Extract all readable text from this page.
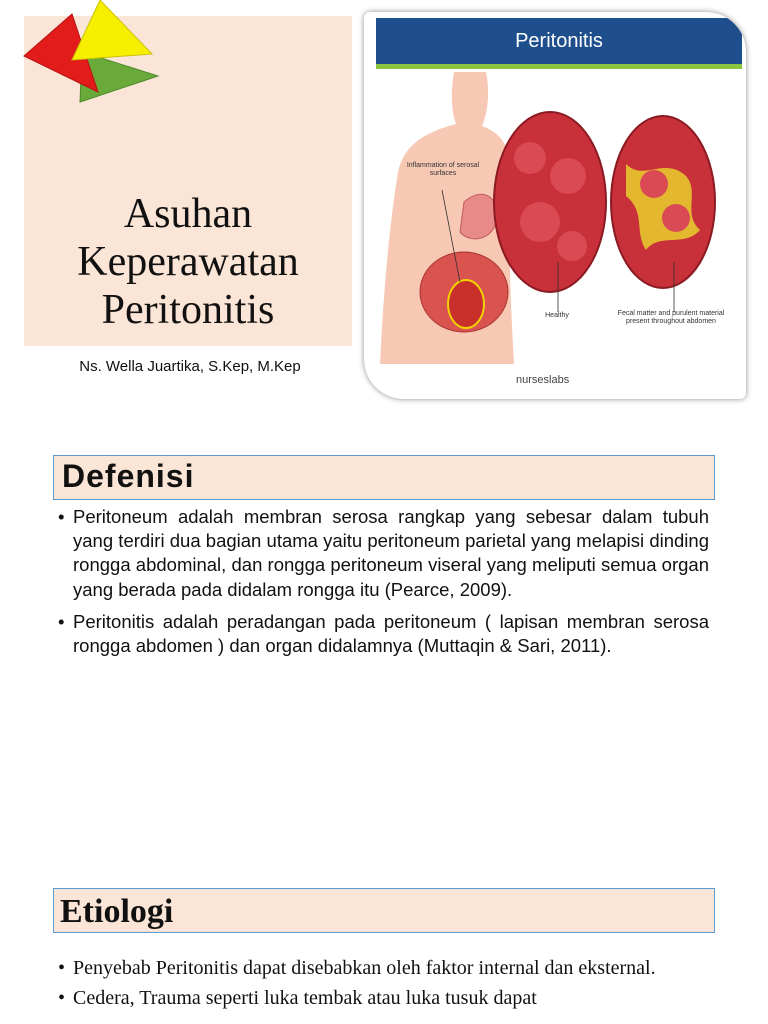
Asuhan
Keperawatan
Peritonitis
Ns. Wella Juartika, S.Kep, M.Kep
Peritonitis
Inflammation of serosal surfaces
Healthy	Fecal matter and purulent material present throughout abdomen
nurseslabs
Defenisi
• Peritoneum adalah membran serosa rangkap yang sebesar dalam tubuh yang terdiri dua bagian utama yaitu peritoneum parietal yang melapisi dinding rongga abdominal, dan rongga peritoneum viseral yang meliputi semua organ yang berada pada didalam rongga itu (Pearce, 2009).
• Peritonitis adalah peradangan pada peritoneum ( lapisan membran serosa rongga abdomen ) dan organ didalamnya (Muttaqin & Sari, 2011).
Etiologi
• Penyebab Peritonitis dapat disebabkan oleh faktor internal dan eksternal.
• Cedera, Trauma seperti luka tembak atau luka tusuk dapat
